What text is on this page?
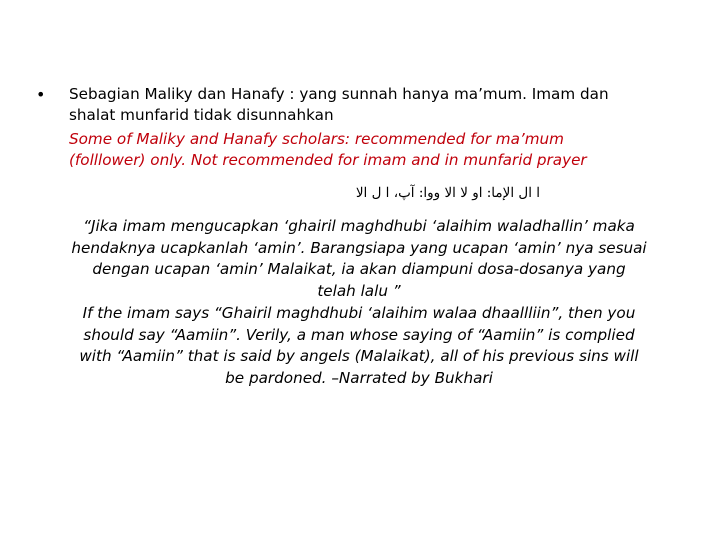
• Sebagian Maliky dan Hanafy : yang sunnah hanya ma’mum. Imam dan
shalat munfarid tidak disunnahkan
Some of Maliky and Hanafy scholars: recommended for ma’mum
(folllower) only. Not recommended for imam and in munfarid prayer
ا ال الإما: او لا الا ووا: آپ، ا ل الا
“Jika imam mengucapkan ‘ghairil maghdhubi ‘alaihim waladhallin’ maka
hendaknya ucapkanlah ‘amin’. Barangsiapa yang ucapan ‘amin’ nya sesuai
dengan ucapan ‘amin’ Malaikat, ia akan diampuni dosa-dosanya yang
telah lalu ”
If the imam says “Ghairil maghdhubi ‘alaihim walaa dhaallliin”, then you
should say “Aamiin”. Verily, a man whose saying of “Aamiin” is complied
with “Aamiin” that is said by angels (Malaikat), all of his previous sins will
be pardoned. –Narrated by Bukhari
